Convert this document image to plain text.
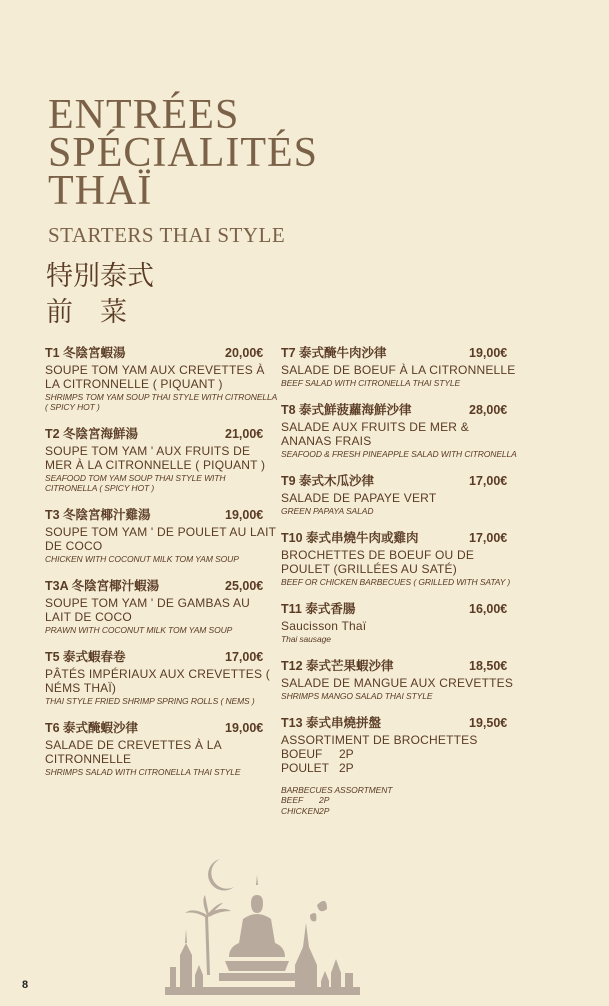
ENTRÉES
SPÉCIALITÉS
THAÏ
STARTERS THAI STYLE
特別泰式
前　菜
T1 冬陰宮蝦湯	20,00€
SOUPE TOM YAM AUX CREVETTES À LA CITRONNELLE ( PIQUANT )
SHRIMPS TOM YAM SOUP THAI STYLE WITH CITRONELLA ( SPICY HOT )
T2 冬陰宮海鮮湯	21,00€
SOUPE TOM YAM ' AUX FRUITS DE MER À LA CITRONNELLE ( PIQUANT )
SEAFOOD TOM YAM SOUP THAI STYLE WITH CITRONELLA ( SPICY HOT )
T3 冬陰宮椰汁雞湯	19,00€
SOUPE TOM YAM ' DE POULET AU LAIT DE COCO
CHICKEN WITH COCONUT MILK TOM YAM SOUP
T3A 冬陰宮椰汁蝦湯	25,00€
SOUPE TOM YAM ' DE GAMBAS AU LAIT DE COCO
PRAWN WITH COCONUT MILK TOM YAM SOUP
T5 泰式蝦春卷	17,00€
PÂTÉS IMPÉRIAUX AUX CREVETTES ( NÉMS THAÏ)
THAI STYLE FRIED SHRIMP SPRING ROLLS ( NEMS )
T6 泰式醃蝦沙律	19,00€
SALADE DE CREVETTES À LA CITRONNELLE
SHRIMPS SALAD WITH CITRONELLA THAI STYLE
T7 泰式醃牛肉沙律	19,00€
SALADE DE BOEUF À LA CITRONNELLE
BEEF SALAD WITH CITRONELLA THAI STYLE
T8 泰式鮮菠蘿海鮮沙律	28,00€
SALADE AUX FRUITS DE MER & ANANAS FRAIS
SEAFOOD & FRESH PINEAPPLE SALAD WITH CITRONELLA
T9 泰式木瓜沙律	17,00€
SALADE DE PAPAYE VERT
GREEN PAPAYA SALAD
T10 泰式串燒牛肉或雞肉	17,00€
BROCHETTES DE BOEUF OU DE POULET (GRILLÉES AU SATÉ)
BEEF OR CHICKEN BARBECUES ( GRILLED WITH SATAY )
T11 泰式香腸	16,00€
Saucisson Thaï
Thai sausage
T12 泰式芒果蝦沙律	18,50€
SALADE DE MANGUE AUX CREVETTES
SHRIMPS MANGO SALAD THAI STYLE
T13 泰式串燒拼盤	19,50€
ASSORTIMENT DE BROCHETTES
BOEUF	2P
POULET 2P
BARBECUES ASSORTMENT
BEEF	2P
CHICKEN 2P
8
